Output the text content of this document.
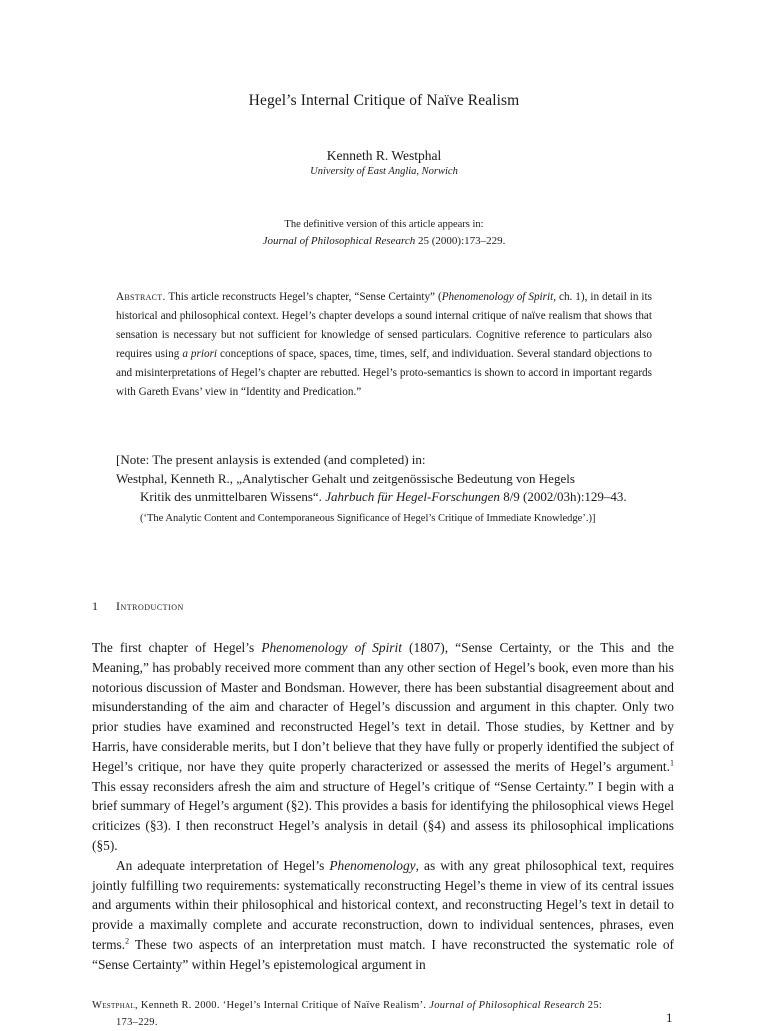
Hegel’s Internal Critique of Naïve Realism
Kenneth R. Westphal
University of East Anglia, Norwich
The definitive version of this article appears in:
Journal of Philosophical Research 25 (2000):173–229.
Abstract. This article reconstructs Hegel’s chapter, “Sense Certainty” (Phenomenology of Spirit, ch. 1), in detail in its historical and philosophical context. Hegel’s chapter develops a sound internal critique of naïve realism that shows that sensation is necessary but not sufficient for knowledge of sensed particulars. Cognitive reference to particulars also requires using a priori conceptions of space, spaces, time, times, self, and individuation. Several standard objections to and misinterpretations of Hegel’s chapter are rebutted. Hegel’s proto-semantics is shown to accord in important regards with Gareth Evans’ view in “Identity and Predication.”
[Note: The present anlaysis is extended (and completed) in:
Westphal, Kenneth R., „Analytischer Gehalt und zeitgenössische Bedeutung von Hegels
Kritik des unmittelbaren Wissens“. Jahrbuch für Hegel-Forschungen 8/9 (2002/03h):129–43.
(‘The Analytic Content and Contemporaneous Significance of Hegel’s Critique of Immediate Knowledge’.)]
1 Introduction

The first chapter of Hegel’s Phenomenology of Spirit (1807), “Sense Certainty, or the This and the Meaning,” has probably received more comment than any other section of Hegel’s book, even more than his notorious discussion of Master and Bondsman. However, there has been substantial disagreement about and misunderstanding of the aim and character of Hegel’s discussion and argument in this chapter. Only two prior studies have examined and reconstructed Hegel’s text in detail. Those studies, by Kettner and by Harris, have considerable merits, but I don’t believe that they have fully or properly identified the subject of Hegel’s critique, nor have they quite properly characterized or assessed the merits of Hegel’s argument.$^1$ This essay reconsiders afresh the aim and structure of Hegel’s critique of “Sense Certainty.” I begin with a brief summary of Hegel’s argument (§2). This provides a basis for identifying the philosophical views Hegel criticizes (§3). I then reconstruct Hegel’s analysis in detail (§4) and assess its philosophical implications (§5).

An adequate interpretation of Hegel’s Phenomenology, as with any great philosophical text, requires jointly fulfilling two requirements: systematically reconstructing Hegel’s theme in view of its central issues and arguments within their philosophical and historical context, and reconstructing Hegel’s text in detail to provide a maximally complete and accurate reconstruction, down to individual sentences, phrases, even terms.$^2$ These two aspects of an interpretation must match. I have reconstructed the systematic role of “Sense Certainty” within Hegel’s epistemological argument in

Westphal, Kenneth R. 2000. ‘Hegel’s Internal Critique of Naïve Realism’. Journal of Philosophical Research 25:
173–229.	1
